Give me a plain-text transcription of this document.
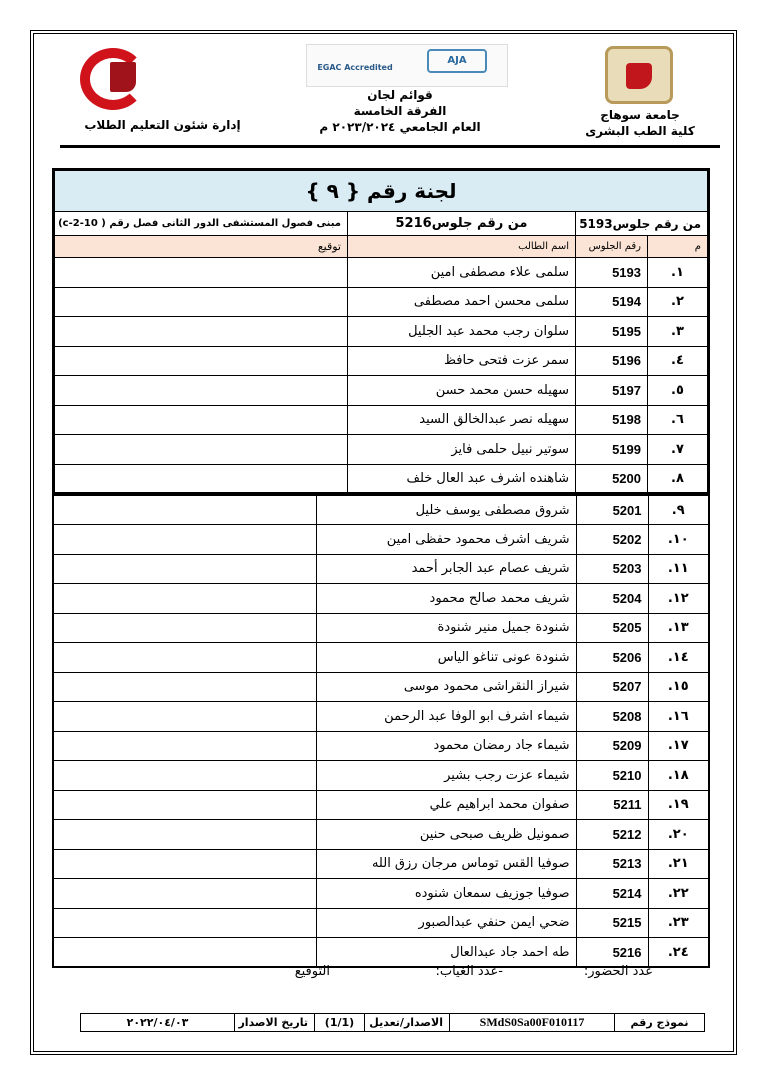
EGAC Accredited
AJA
جامعة سوهاج
كلية الطب البشرى
قوائم لجان
الفرقة الخامسة
العام الجامعي ٢٠٢٣/٢٠٢٤ م
إدارة شئون التعليم الطلاب
لجنة رقم { ٩ }			
من رقم جلوس5193		من رقم جلوس5216	مبنى فصول المستشفى الدور الثانى فصل رقم ( 10-2-c)
م	رقم الجلوس	اسم الطالب	توقيع
١.	5193	سلمى علاء مصطفى امين	
٢.	5194	سلمى محسن احمد مصطفى	
٣.	5195	سلوان رجب محمد عبد الجليل	
٤.	5196	سمر عزت فتحى حافظ	
٥.	5197	سهيله حسن محمد حسن	
٦.	5198	سهيله نصر عبدالخالق السيد	
٧.	5199	سوتير نبيل حلمى فايز	
٨.	5200	شاهنده اشرف عبد العال خلف	
٩.	5201	شروق مصطفى يوسف خليل	
١٠.	5202	شريف اشرف محمود حفظى امين	
١١.	5203	شريف عصام عبد الجابر أحمد	
١٢.	5204	شريف محمد صالح محمود	
١٣.	5205	شنودة جميل منير شنودة	
١٤.	5206	شنودة عونى تناغو الياس	
١٥.	5207	شيراز النقراشى محمود موسى	
١٦.	5208	شيماء اشرف ابو الوفا عبد الرحمن	
١٧.	5209	شيماء جاد رمضان محمود	
١٨.	5210	شيماء عزت رجب بشير	
١٩.	5211	صفوان محمد ابراهيم علي	
٢٠.	5212	صمونيل ظريف صبحى حنين	
٢١.	5213	صوفيا القس توماس مرجان رزق الله	
٢٢.	5214	صوفيا جوزيف سمعان شنوده	
٢٣.	5215	ضحي ايمن حنفي عبدالصبور	
٢٤.	5216	طه احمد جاد عبدالعال	
عدد الحضور:
-عدد الغياب:
التوقيع
نموذج رقم	SMdS0Sa00F010117	الاصدار/تعديل	(1/1)	تاريخ الاصدار	٢٠٢٢/٠٤/٠٣
